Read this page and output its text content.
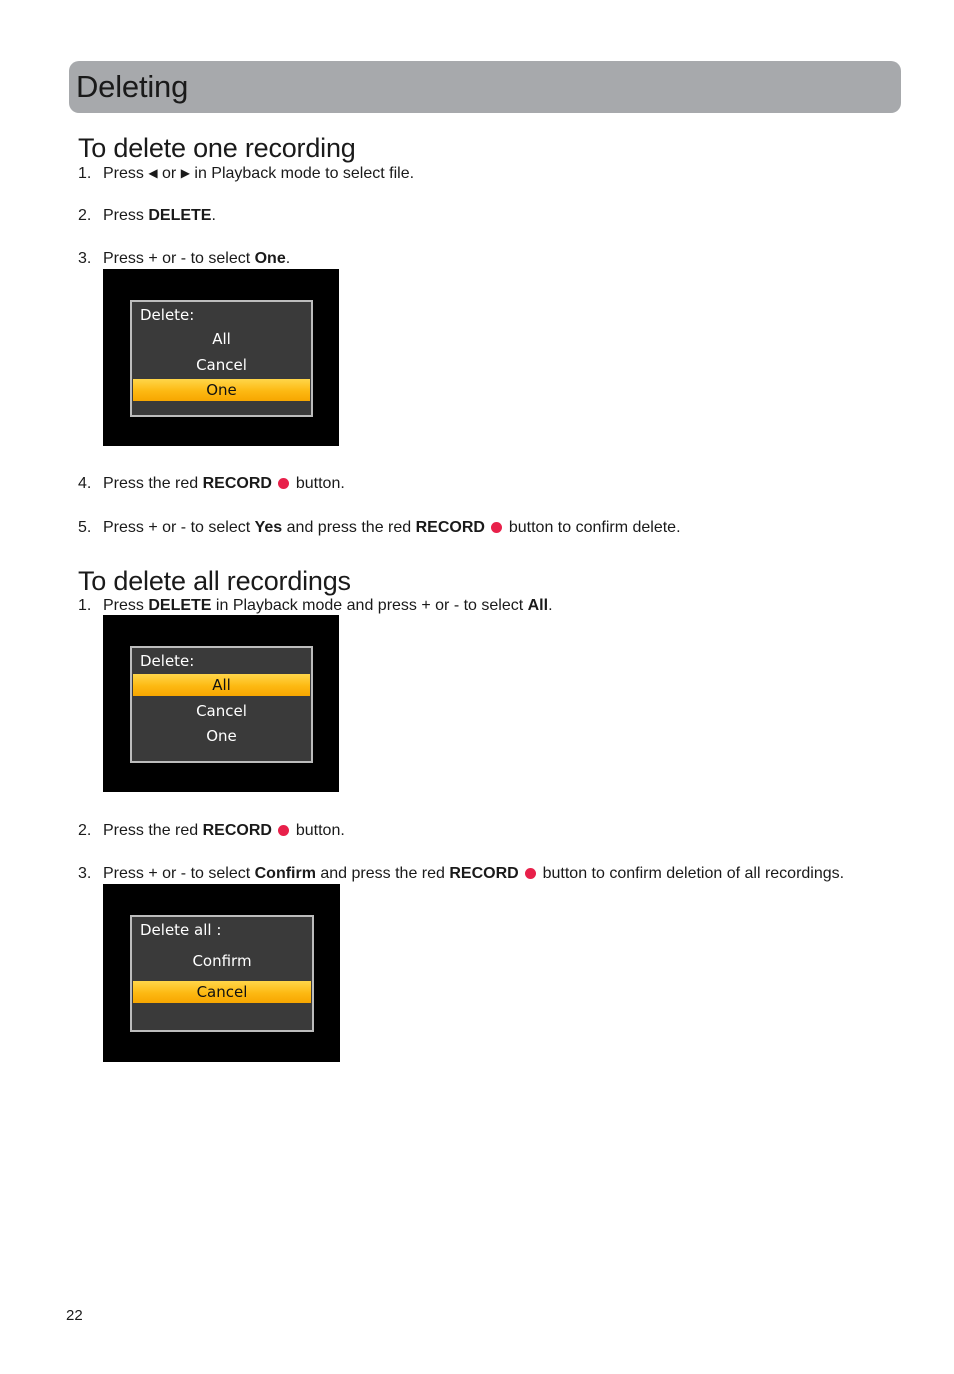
Deleting
To delete one recording
1. Press ◀ or ▶ in Playback mode to select file.
2. Press DELETE.
3. Press + or - to select One.
Delete:
All
Cancel
One
4. Press the red RECORD  button.
5. Press + or - to select Yes and press the red RECORD  button to confirm delete.
To delete all recordings
1. Press DELETE in Playback mode and press + or - to select All.
Delete:
All
Cancel
One
2. Press the red RECORD  button.
3. Press + or - to select Confirm and press the red RECORD  button to confirm deletion of all recordings.
Delete all :
Confirm
Cancel
22
